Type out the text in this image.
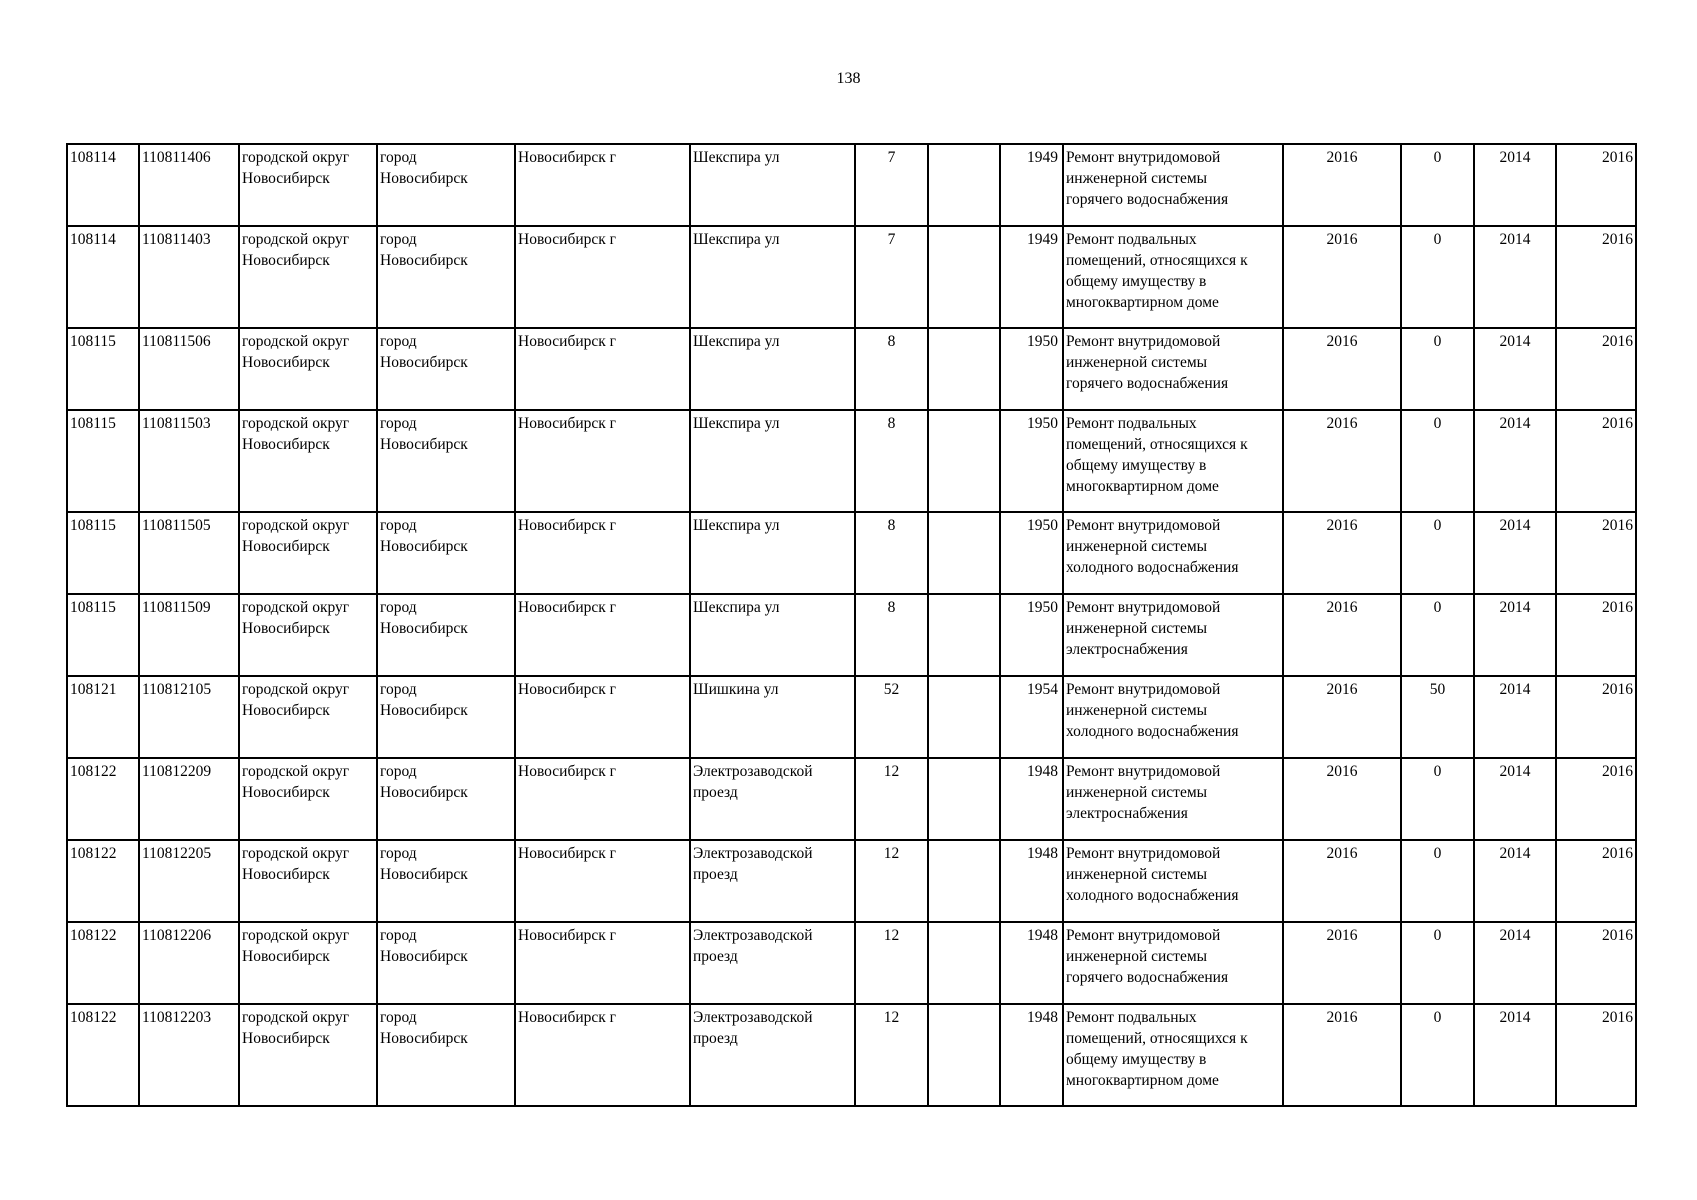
138
108114	110811406	городской округ
Новосибирск	город
Новосибирск	Новосибирск г	Шекспира ул	7		1949	Ремонт внутридомовой
инженерной системы
горячего водоснабжения	2016	0	2014	2016
108114	110811403	городской округ
Новосибирск	город
Новосибирск	Новосибирск г	Шекспира ул	7		1949	Ремонт подвальных
помещений, относящихся к
общему имуществу в
многоквартирном доме	2016	0	2014	2016
108115	110811506	городской округ
Новосибирск	город
Новосибирск	Новосибирск г	Шекспира ул	8		1950	Ремонт внутридомовой
инженерной системы
горячего водоснабжения	2016	0	2014	2016
108115	110811503	городской округ
Новосибирск	город
Новосибирск	Новосибирск г	Шекспира ул	8		1950	Ремонт подвальных
помещений, относящихся к
общему имуществу в
многоквартирном доме	2016	0	2014	2016
108115	110811505	городской округ
Новосибирск	город
Новосибирск	Новосибирск г	Шекспира ул	8		1950	Ремонт внутридомовой
инженерной системы
холодного водоснабжения	2016	0	2014	2016
108115	110811509	городской округ
Новосибирск	город
Новосибирск	Новосибирск г	Шекспира ул	8		1950	Ремонт внутридомовой
инженерной системы
электроснабжения	2016	0	2014	2016
108121	110812105	городской округ
Новосибирск	город
Новосибирск	Новосибирск г	Шишкина ул	52		1954	Ремонт внутридомовой
инженерной системы
холодного водоснабжения	2016	50	2014	2016
108122	110812209	городской округ
Новосибирск	город
Новосибирск	Новосибирск г	Электрозаводской
проезд	12		1948	Ремонт внутридомовой
инженерной системы
электроснабжения	2016	0	2014	2016
108122	110812205	городской округ
Новосибирск	город
Новосибирск	Новосибирск г	Электрозаводской
проезд	12		1948	Ремонт внутридомовой
инженерной системы
холодного водоснабжения	2016	0	2014	2016
108122	110812206	городской округ
Новосибирск	город
Новосибирск	Новосибирск г	Электрозаводской
проезд	12		1948	Ремонт внутридомовой
инженерной системы
горячего водоснабжения	2016	0	2014	2016
108122	110812203	городской округ
Новосибирск	город
Новосибирск	Новосибирск г	Электрозаводской
проезд	12		1948	Ремонт подвальных
помещений, относящихся к
общему имуществу в
многоквартирном доме	2016	0	2014	2016
